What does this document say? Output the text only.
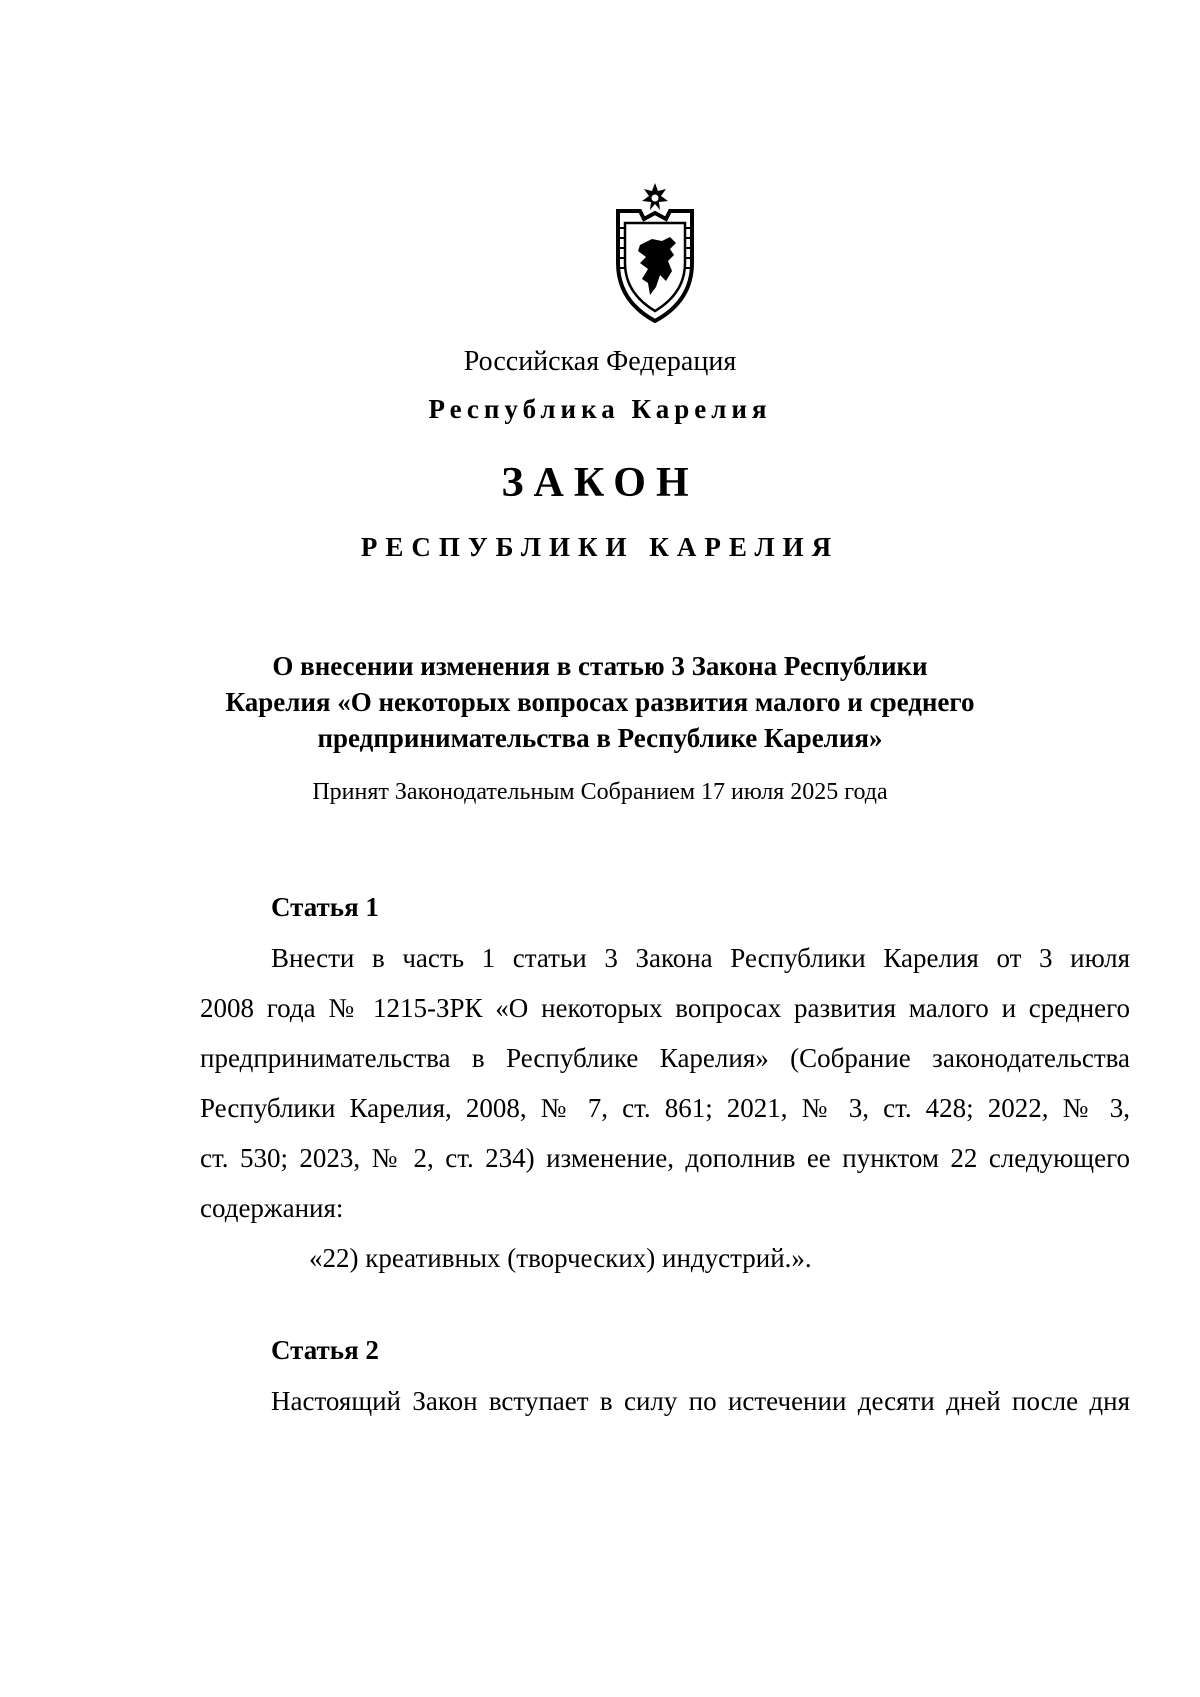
Российская Федерация
Республика Карелия
ЗАКОН
РЕСПУБЛИКИ КАРЕЛИЯ
О внесении изменения в статью 3 Закона Республики
Карелия «О некоторых вопросах развития малого и среднего
предпринимательства в Республике Карелия»
Принят Законодательным Собранием 17 июля 2025 года
Статья 1
Внести в часть 1 статьи 3 Закона Республики Карелия от 3 июля
2008 года № 1215-ЗРК «О некоторых вопросах развития малого и среднего
предпринимательства в Республике Карелия» (Собрание законодательства
Республики Карелия, 2008, № 7, ст. 861; 2021, № 3, ст. 428; 2022, № 3,
ст. 530; 2023, № 2, ст. 234) изменение, дополнив ее пунктом 22 следующего
содержания:
«22) креативных (творческих) индустрий.».
Статья 2
Настоящий Закон вступает в силу по истечении десяти дней после дня
